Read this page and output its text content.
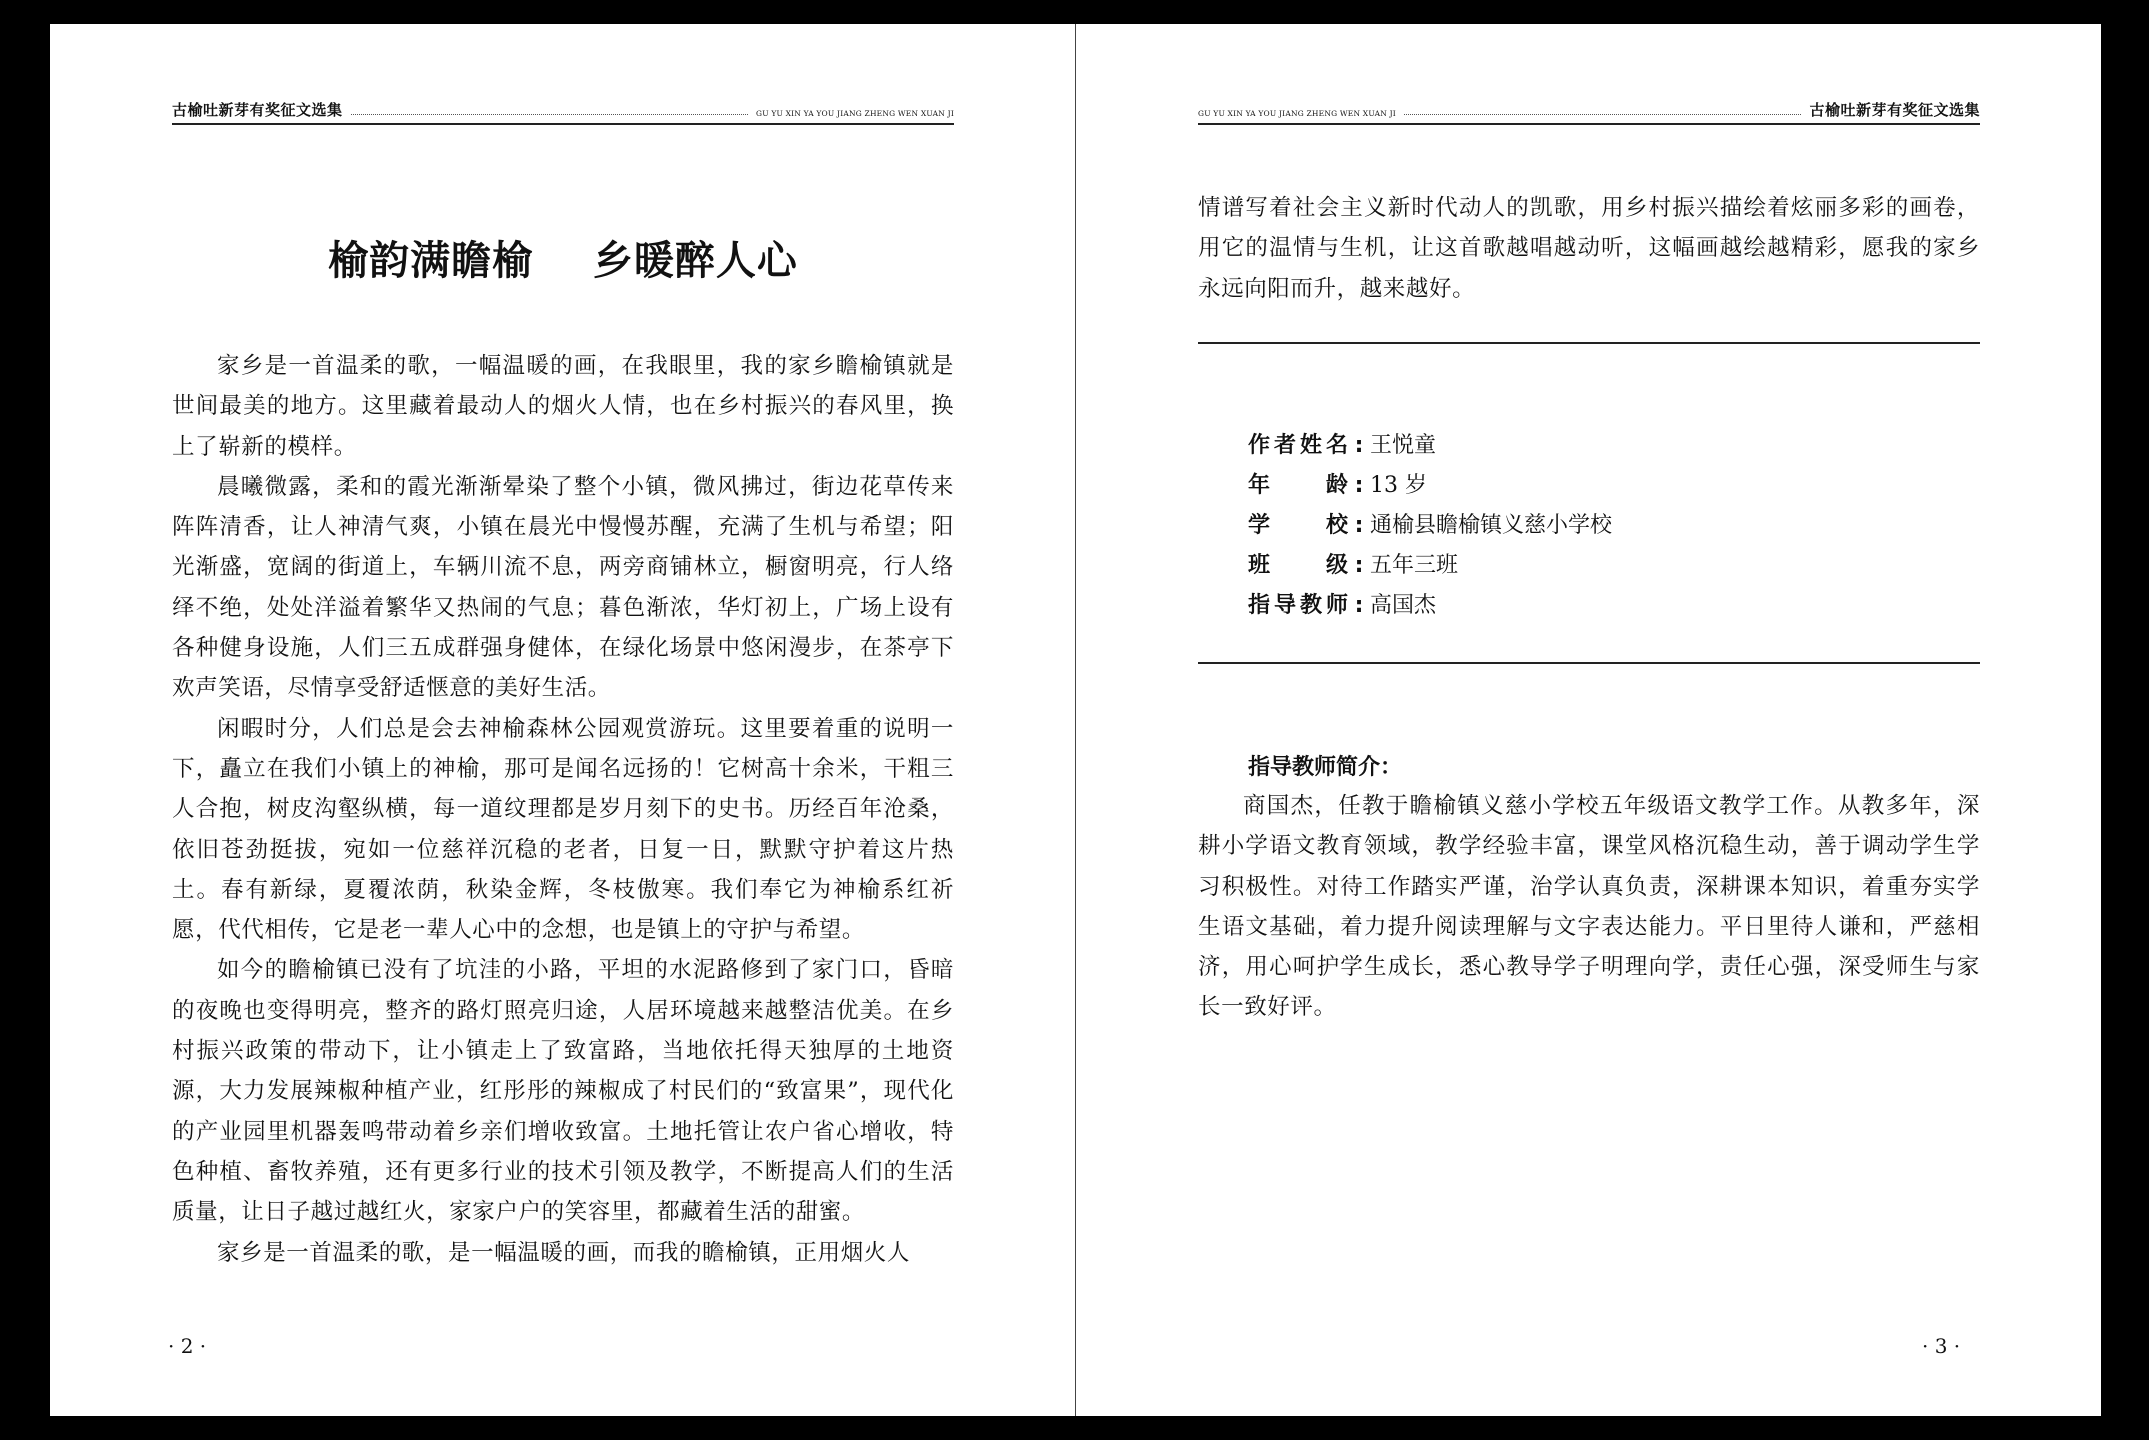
古榆吐新芽有奖征文选集	GU YU XIN YA YOU JIANG ZHENG WEN XUAN JI
榆韵满瞻榆    乡暖醉人心

家乡是一首温柔的歌，一幅温暖的画，在我眼里，我的家乡瞻榆镇就是世间最美的地方。这里藏着最动人的烟火人情，也在乡村振兴的春风里，换上了崭新的模样。

晨曦微露，柔和的霞光渐渐晕染了整个小镇，微风拂过，街边花草传来阵阵清香，让人神清气爽，小镇在晨光中慢慢苏醒，充满了生机与希望；阳光渐盛，宽阔的街道上，车辆川流不息，两旁商铺林立，橱窗明亮，行人络绎不绝，处处洋溢着繁华又热闹的气息；暮色渐浓，华灯初上，广场上设有各种健身设施，人们三五成群强身健体，在绿化场景中悠闲漫步，在茶亭下欢声笑语，尽情享受舒适惬意的美好生活。

闲暇时分，人们总是会去神榆森林公园观赏游玩。这里要着重的说明一下，矗立在我们小镇上的神榆，那可是闻名远扬的！它树高十余米，干粗三人合抱，树皮沟壑纵横，每一道纹理都是岁月刻下的史书。历经百年沧桑，依旧苍劲挺拔，宛如一位慈祥沉稳的老者，日复一日，默默守护着这片热土。春有新绿，夏覆浓荫，秋染金辉，冬枝傲寒。我们奉它为神榆系红祈愿，代代相传，它是老一辈人心中的念想，也是镇上的守护与希望。

如今的瞻榆镇已没有了坑洼的小路，平坦的水泥路修到了家门口，昏暗的夜晚也变得明亮，整齐的路灯照亮归途，人居环境越来越整洁优美。在乡村振兴政策的带动下，让小镇走上了致富路，当地依托得天独厚的土地资源，大力发展辣椒种植产业，红彤彤的辣椒成了村民们的“致富果”，现代化的产业园里机器轰鸣带动着乡亲们增收致富。土地托管让农户省心增收，特色种植、畜牧养殖，还有更多行业的技术引领及教学，不断提高人们的生活质量，让日子越过越红火，家家户户的笑容里，都藏着生活的甜蜜。

家乡是一首温柔的歌，是一幅温暖的画，而我的瞻榆镇，正用烟火人

· 2 ·
GU YU XIN YA YOU JIANG ZHENG WEN XUAN JI	古榆吐新芽有奖征文选集

情谱写着社会主义新时代动人的凯歌，用乡村振兴描绘着炫丽多彩的画卷，用它的温情与生机，让这首歌越唱越动听，这幅画越绘越精彩，愿我的家乡永远向阳而升，越来越好。

作者姓名 : 王悦童
年　龄 : 13 岁
学　校 : 通榆县瞻榆镇义慈小学校
班　级 : 五年三班
指导教师 : 高国杰
指导教师简介：

商国杰，任教于瞻榆镇义慈小学校五年级语文教学工作。从教多年，深耕小学语文教育领域，教学经验丰富，课堂风格沉稳生动，善于调动学生学习积极性。对待工作踏实严谨，治学认真负责，深耕课本知识，着重夯实学生语文基础，着力提升阅读理解与文字表达能力。平日里待人谦和，严慈相济，用心呵护学生成长，悉心教导学子明理向学，责任心强，深受师生与家长一致好评。

· 3 ·
